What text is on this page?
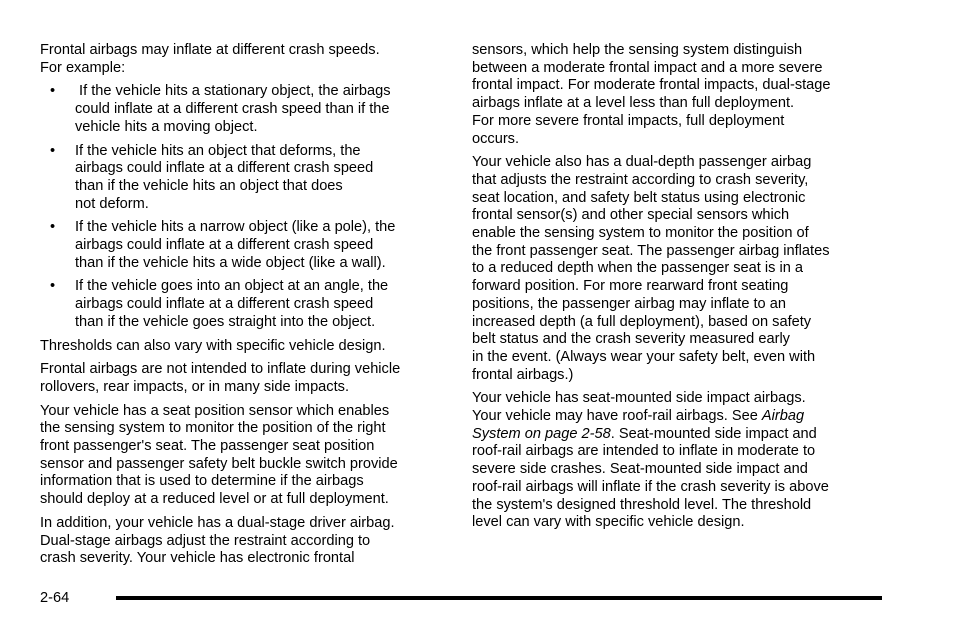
Frontal airbags may inflate at different crash speeds.
For example:

• If the vehicle hits a stationary object, the airbags
could inflate at a different crash speed than if the
vehicle hits a moving object.
• If the vehicle hits an object that deforms, the
airbags could inflate at a different crash speed
than if the vehicle hits an object that does
not deform.
• If the vehicle hits a narrow object (like a pole), the
airbags could inflate at a different crash speed
than if the vehicle hits a wide object (like a wall).
• If the vehicle goes into an object at an angle, the
airbags could inflate at a different crash speed
than if the vehicle goes straight into the object.

Thresholds can also vary with specific vehicle design.

Frontal airbags are not intended to inflate during vehicle
rollovers, rear impacts, or in many side impacts.

Your vehicle has a seat position sensor which enables
the sensing system to monitor the position of the right
front passenger's seat. The passenger seat position
sensor and passenger safety belt buckle switch provide
information that is used to determine if the airbags
should deploy at a reduced level or at full deployment.

In addition, your vehicle has a dual-stage driver airbag.
Dual-stage airbags adjust the restraint according to
crash severity. Your vehicle has electronic frontal

sensors, which help the sensing system distinguish
between a moderate frontal impact and a more severe
frontal impact. For moderate frontal impacts, dual-stage
airbags inflate at a level less than full deployment.
For more severe frontal impacts, full deployment
occurs.

Your vehicle also has a dual-depth passenger airbag
that adjusts the restraint according to crash severity,
seat location, and safety belt status using electronic
frontal sensor(s) and other special sensors which
enable the sensing system to monitor the position of
the front passenger seat. The passenger airbag inflates
to a reduced depth when the passenger seat is in a
forward position. For more rearward front seating
positions, the passenger airbag may inflate to an
increased depth (a full deployment), based on safety
belt status and the crash severity measured early
in the event. (Always wear your safety belt, even with
frontal airbags.)

Your vehicle has seat-mounted side impact airbags.
Your vehicle may have roof-rail airbags. See Airbag
System on page 2-58. Seat-mounted side impact and
roof-rail airbags are intended to inflate in moderate to
severe side crashes. Seat-mounted side impact and
roof-rail airbags will inflate if the crash severity is above
the system's designed threshold level. The threshold
level can vary with specific vehicle design.

2-64
